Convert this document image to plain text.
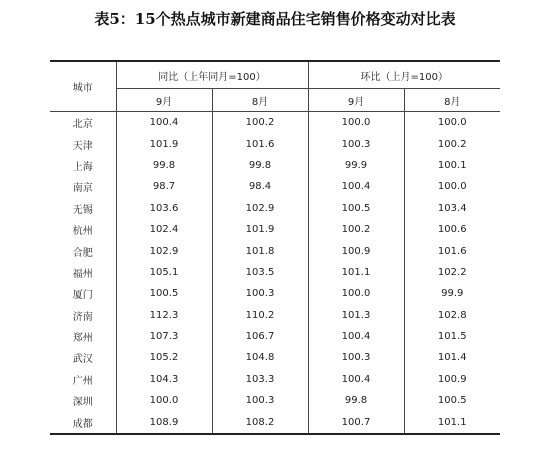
表5：15个热点城市新建商品住宅销售价格变动对比表
城市	同比（上年同月=100）		环比（上月=100）	
	9月	8月	9月	8月
北京	100.4	100.2	100.0	100.0
天津	101.9	101.6	100.3	100.2
上海	99.8	99.8	99.9	100.1
南京	98.7	98.4	100.4	100.0
无锡	103.6	102.9	100.5	103.4
杭州	102.4	101.9	100.2	100.6
合肥	102.9	101.8	100.9	101.6
福州	105.1	103.5	101.1	102.2
厦门	100.5	100.3	100.0	99.9
济南	112.3	110.2	101.3	102.8
郑州	107.3	106.7	100.4	101.5
武汉	105.2	104.8	100.3	101.4
广州	104.3	103.3	100.4	100.9
深圳	100.0	100.3	99.8	100.5
成都	108.9	108.2	100.7	101.1
